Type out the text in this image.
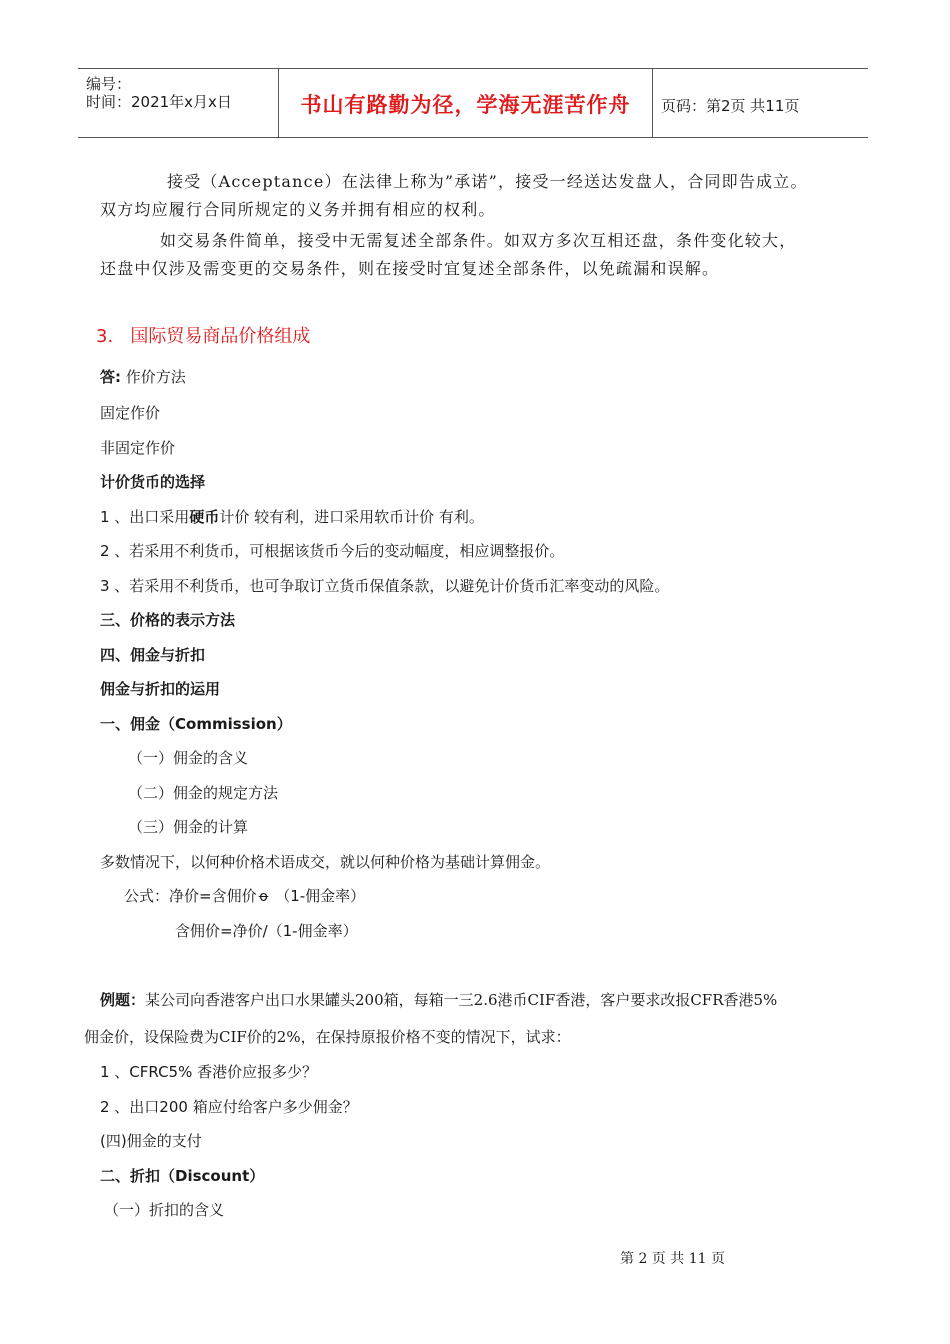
编号：
时间：2021年x月x日	书山有路勤为径，学海无涯苦作舟	页码：第2页 共11页
接受（Acceptance）在法律上称为”承诺”，接受一经送达发盘人，合同即告成立。
双方均应履行合同所规定的义务并拥有相应的权利。
如交易条件简单，接受中无需复述全部条件。如双方多次互相还盘，条件变化较大，
还盘中仅涉及需变更的交易条件，则在接受时宜复述全部条件，以免疏漏和误解。
3. 国际贸易商品价格组成
答: 作价方法
固定作价
非固定作价
计价货币的选择
1 、出口采用硬币计价 较有利，进口采用软币计价 有利。
2 、若采用不利货币，可根据该货币今后的变动幅度，相应调整报价。
3 、若采用不利货币，也可争取订立货币保值条款，以避免计价货币汇率变动的风险。
三、价格的表示方法
四、佣金与折扣
佣金与折扣的运用
一、佣金（Commission）
（一）佣金的含义
（二）佣金的规定方法
（三）佣金的计算
多数情况下，以何种价格术语成交，就以何种价格为基础计算佣金。
公式：净价=含佣价 ꝋ （1-佣金率）
含佣价=净价/（1-佣金率）
例题：某公司向香港客户出口水果罐头200箱，每箱一三2.6港币CIF香港，客户要求改报CFR香港5%
佣金价，设保险费为CIF价的2%，在保持原报价格不变的情况下，试求：
1 、CFRC5% 香港价应报多少？
2 、出口200 箱应付给客户多少佣金？
(四)佣金的支付
二、折扣（Discount）
（一）折扣的含义
第 2 页 共 11 页
